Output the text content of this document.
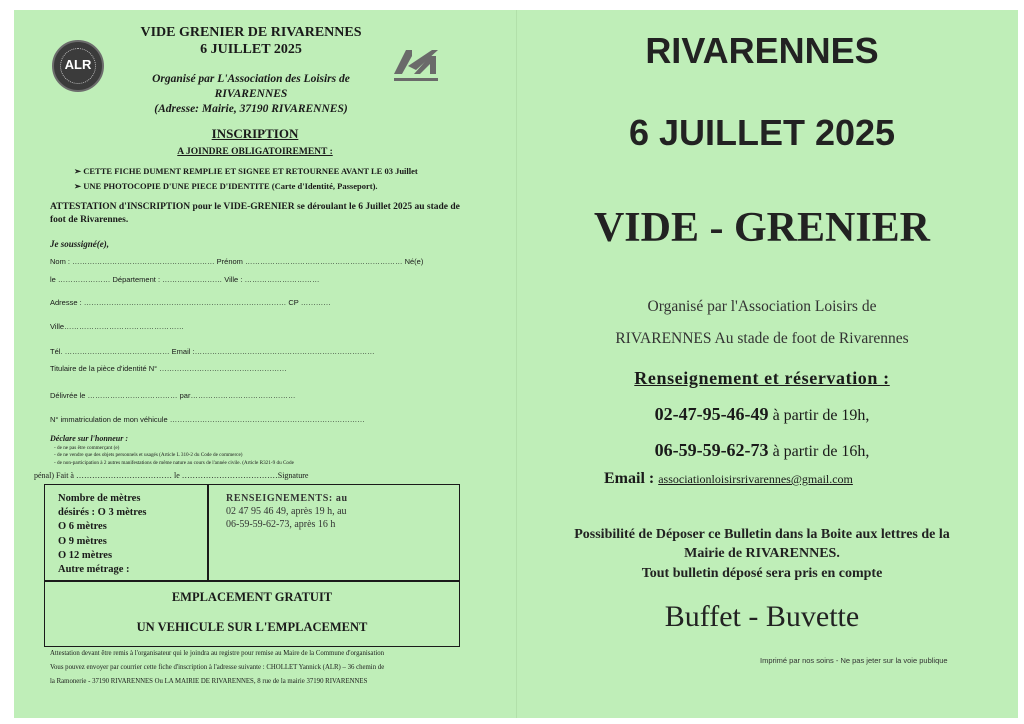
ALR
VIDE GRENIER DE RIVARENNES
6 JUILLET 2025
Organisé par L'Association des Loisirs de
RIVARENNES
(Adresse: Mairie, 37190 RIVARENNES)
INSCRIPTION
A JOINDRE OBLIGATOIREMENT :
➢ CETTE FICHE DUMENT REMPLIE ET SIGNEE ET RETOURNEE AVANT LE 03 Juillet
➢ UNE PHOTOCOPIE D'UNE PIECE D'IDENTITE (Carte d'Identité, Passeport).
ATTESTATION d'INSCRIPTION pour le VIDE-GRENIER se déroulant le 6 Juillet 2025 au stade de foot de Rivarennes.
Je soussigné(e),
Nom : ………………………………………………… Prénom ……………………………………………………… Né(e)
le ………………… Département : …………………… Ville : …………………………
Adresse : ……………………………………………………………………… CP …………
Ville…………………………………………
Tél. …………………………………… Email :………………………………………………………………
Titulaire de la pièce d'identité N° ……………………………………………
Délivrée le ……………………………… par……………………………………
N° immatriculation de mon véhicule ……………………………………………………………………
Déclare sur l'honneur :
- de ne pas être commerçant (e)
- de ne vendre que des objets personnels et usagés (Article L 310-2 du Code de commerce)
- de non-participation à 2 autres manifestations de même nature au cours de l'année civile. (Article R321-9 du Code
pénal) Fait à ……………………………… le ………………………………Signature
Nombre de mètres
désirés : O 3 mètres
O 6 mètres
O 9 mètres
O 12 mètres
Autre métrage :
RENSEIGNEMENTS: au
02 47 95 46 49, après 19 h, au
06-59-59-62-73, après 16 h
EMPLACEMENT GRATUIT
UN VEHICULE SUR L'EMPLACEMENT
Attestation devant être remis à l'organisateur qui le joindra au registre pour remise au Maire de la Commune d'organisation
Vous pouvez envoyer par courrier cette fiche d'inscription à l'adresse suivante : CHOLLET Yannick (ALR) – 36 chemin de
la Ramonerie - 37190 RIVARENNES Ou LA MAIRIE DE RIVARENNES, 8 rue de la mairie 37190 RIVARENNES
RIVARENNES
6 JUILLET 2025
VIDE - GRENIER
Organisé par l'Association Loisirs de
RIVARENNES Au stade de foot de Rivarennes
Renseignement et réservation :
02-47-95-46-49 à partir de 19h,
06-59-59-62-73 à partir de 16h,
Email : associationloisirsrivarennes@gmail.com
Possibilité de Déposer ce Bulletin dans la Boite aux lettres de la
Mairie de RIVARENNES.
Tout bulletin déposé sera pris en compte
Buffet - Buvette
Imprimé par nos soins - Ne pas jeter sur la voie publique
